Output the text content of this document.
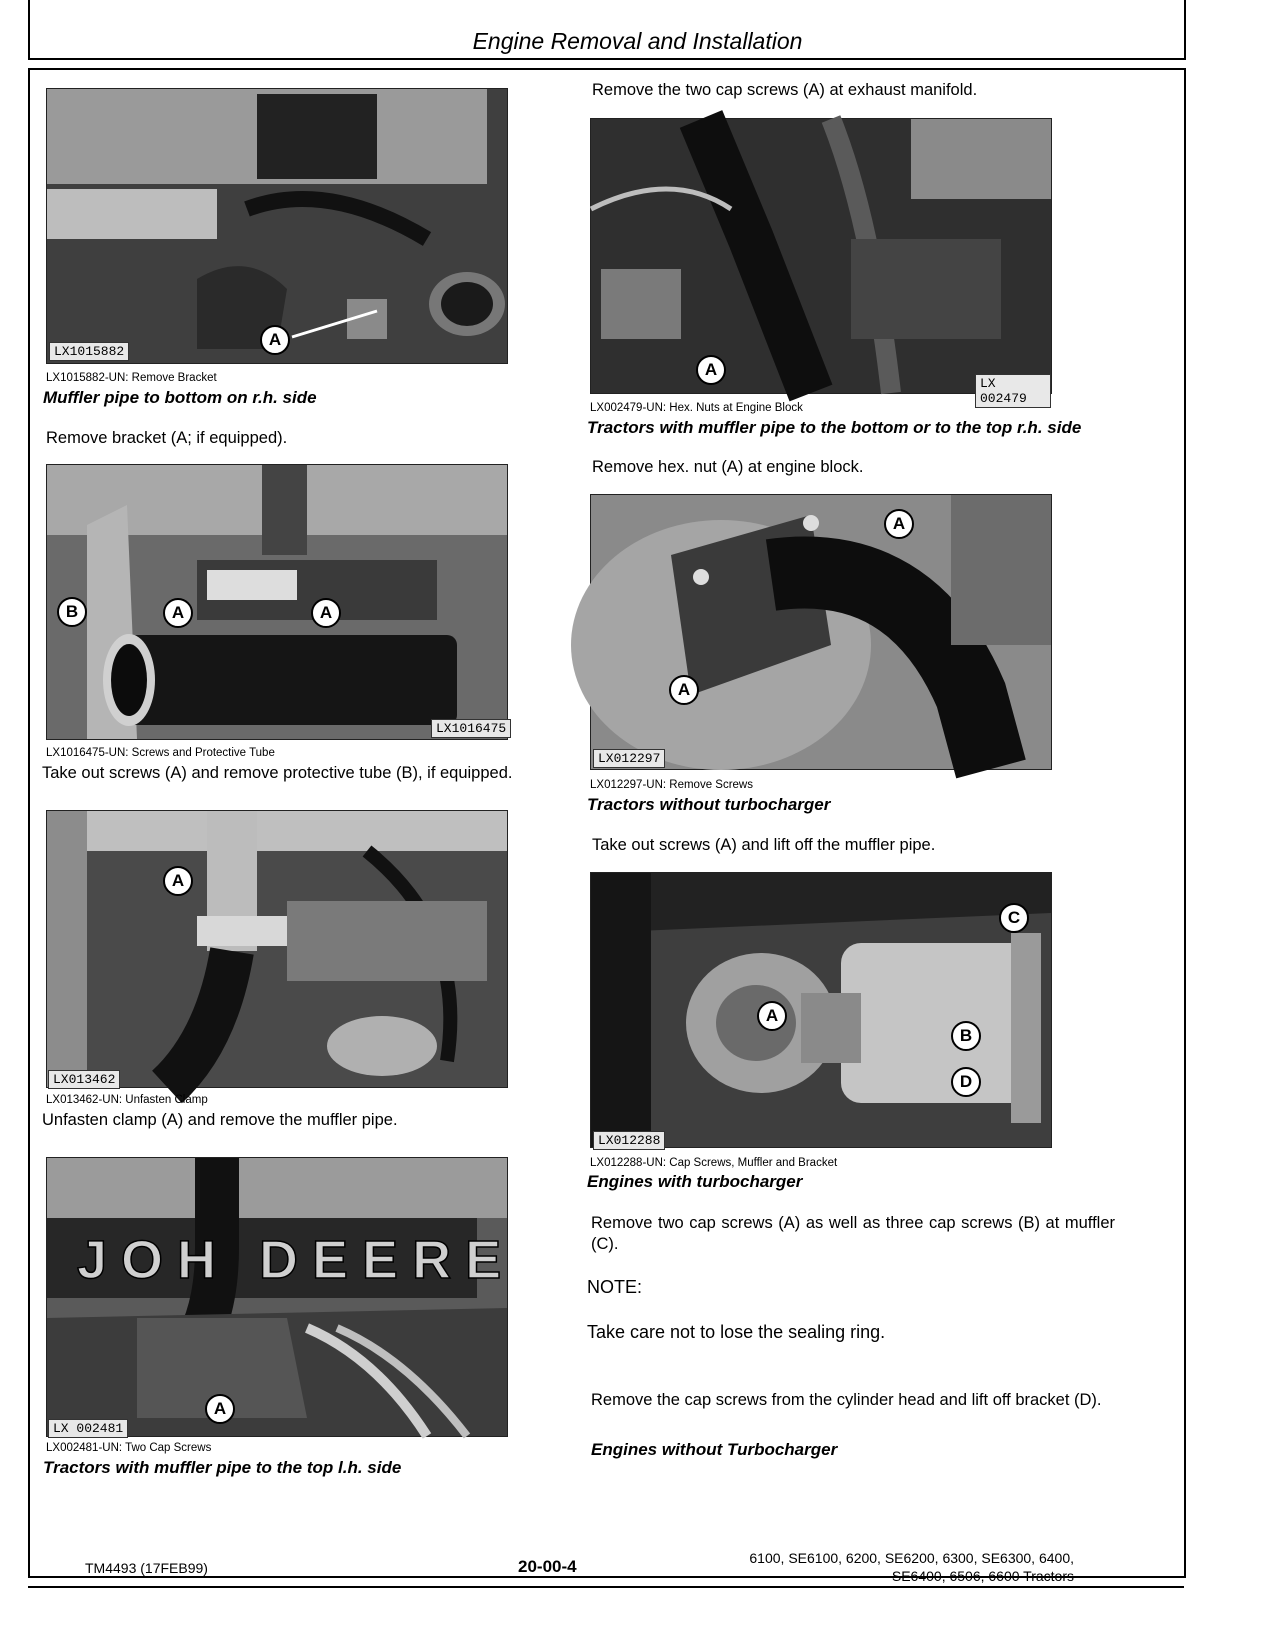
Engine Removal and Installation
LX1015882
A
LX1015882-UN: Remove Bracket
Muffler pipe to bottom on r.h. side
Remove bracket (A; if equipped).
LX1016475
B	A	A
LX1016475-UN: Screws and Protective Tube
Take out screws (A) and remove protective tube (B), if equipped.
LX013462
A
LX013462-UN: Unfasten Clamp
Unfasten clamp (A) and remove the muffler pipe.
JOH DEERE
LX 002481
A
LX002481-UN: Two Cap Screws
Tractors with muffler pipe to the top l.h. side
Remove the two cap screws (A) at exhaust manifold.
LX 002479
A
LX002479-UN: Hex. Nuts at Engine Block
Tractors with muffler pipe to the bottom or to the top r.h. side
Remove hex. nut (A) at engine block.
LX012297
A
A
LX012297-UN: Remove Screws
Tractors without turbocharger
Take out screws (A) and lift off the muffler pipe.
LX012288
C
A
B
D
LX012288-UN: Cap Screws, Muffler and Bracket
Engines with turbocharger
Remove two cap screws (A) as well as three cap screws (B) at muffler (C).
NOTE:
Take care not to lose the sealing ring.
Remove the cap screws from the cylinder head and lift off bracket (D).
Engines without Turbocharger
TM4493 (17FEB99)	20-00-4	6100, SE6100, 6200, SE6200, 6300, SE6300, 6400,
SE6400, 6506, 6600 Tractors
